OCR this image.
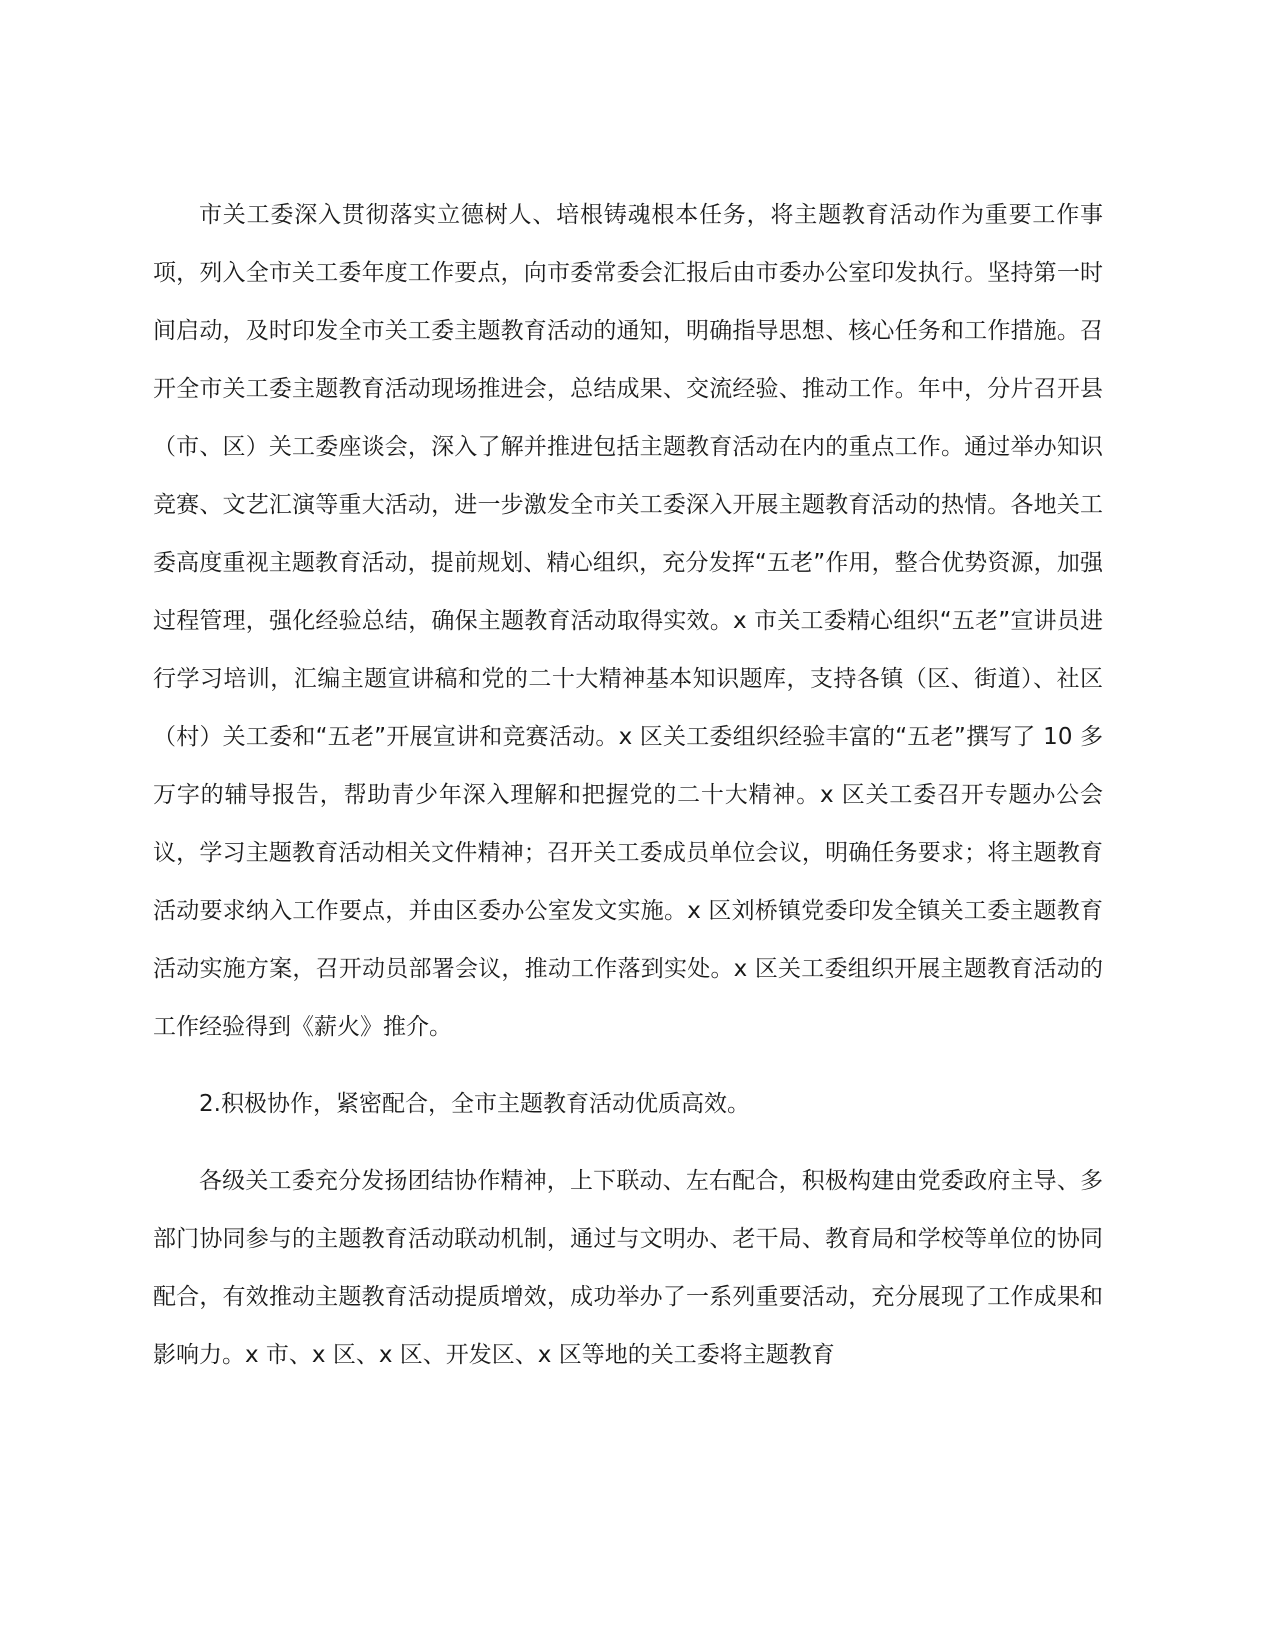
市关工委深入贯彻落实立德树人、培根铸魂根本任务，将主题教育活动作为重要工作事项，列入全市关工委年度工作要点，向市委常委会汇报后由市委办公室印发执行。坚持第一时间启动，及时印发全市关工委主题教育活动的通知，明确指导思想、核心任务和工作措施。召开全市关工委主题教育活动现场推进会，总结成果、交流经验、推动工作。年中，分片召开县（市、区）关工委座谈会，深入了解并推进包括主题教育活动在内的重点工作。通过举办知识竞赛、文艺汇演等重大活动，进一步激发全市关工委深入开展主题教育活动的热情。各地关工委高度重视主题教育活动，提前规划、精心组织，充分发挥“五老”作用，整合优势资源，加强过程管理，强化经验总结，确保主题教育活动取得实效。x 市关工委精心组织“五老”宣讲员进行学习培训，汇编主题宣讲稿和党的二十大精神基本知识题库，支持各镇（区、街道）、社区（村）关工委和“五老”开展宣讲和竞赛活动。x 区关工委组织经验丰富的“五老”撰写了 10 多万字的辅导报告，帮助青少年深入理解和把握党的二十大精神。x 区关工委召开专题办公会议，学习主题教育活动相关文件精神；召开关工委成员单位会议，明确任务要求；将主题教育活动要求纳入工作要点，并由区委办公室发文实施。x 区刘桥镇党委印发全镇关工委主题教育活动实施方案，召开动员部署会议，推动工作落到实处。x 区关工委组织开展主题教育活动的工作经验得到《薪火》推介。

2.积极协作，紧密配合，全市主题教育活动优质高效。

各级关工委充分发扬团结协作精神，上下联动、左右配合，积极构建由党委政府主导、多部门协同参与的主题教育活动联动机制，通过与文明办、老干局、教育局和学校等单位的协同配合，有效推动主题教育活动提质增效，成功举办了一系列重要活动，充分展现了工作成果和影响力。x 市、x 区、x 区、开发区、x 区等地的关工委将主题教育
